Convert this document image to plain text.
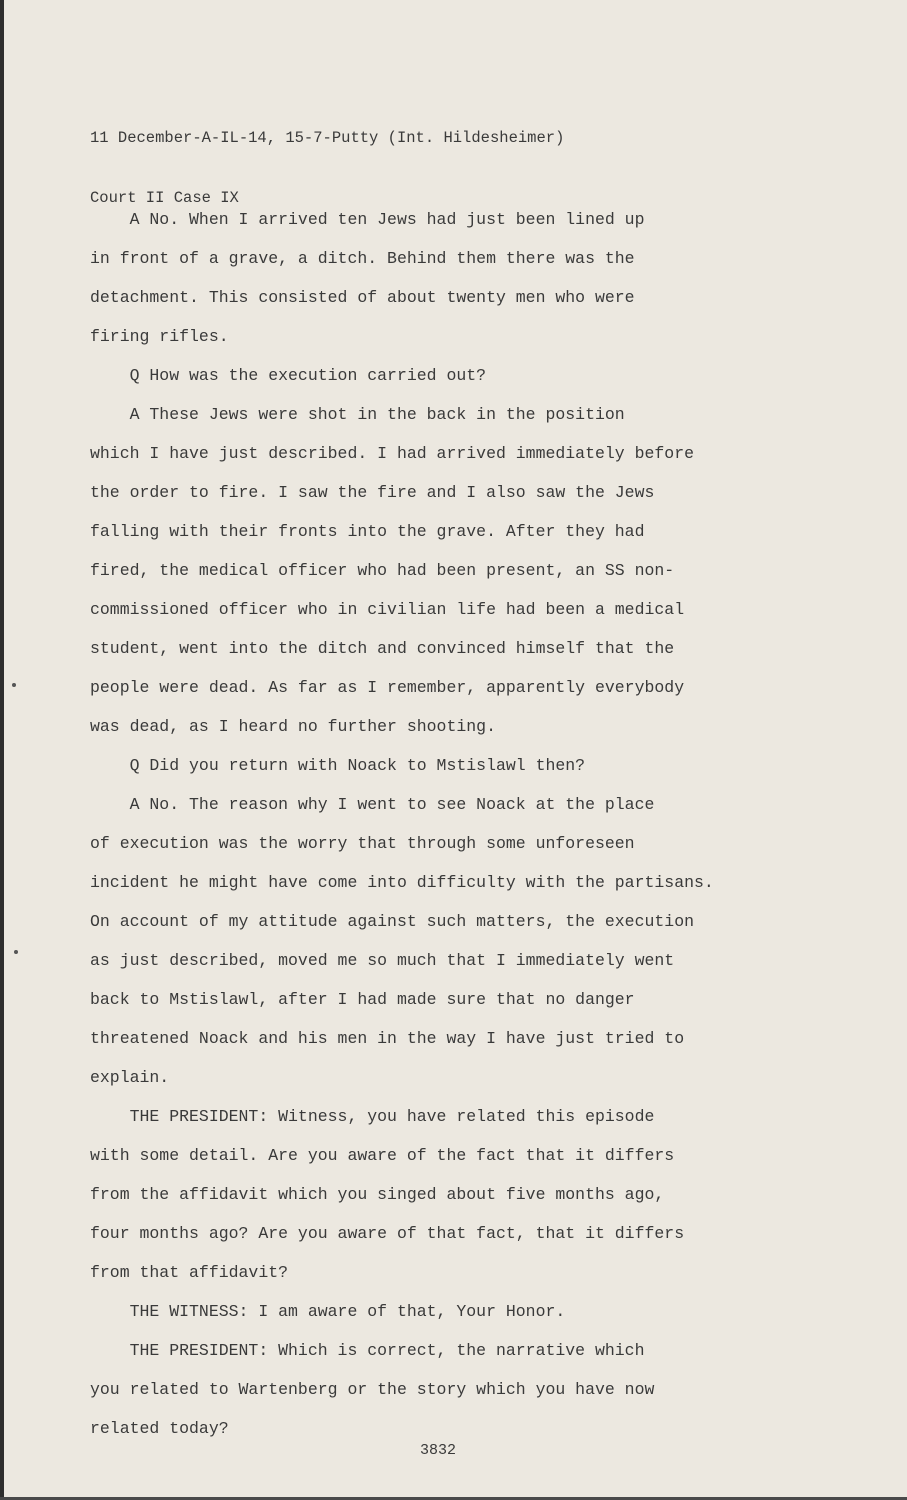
11 December-A-IL-14, 15-7-Putty (Int. Hildesheimer)

Court II Case IX

A No. When I arrived ten Jews had just been lined up
in front of a grave, a ditch. Behind them there was the
detachment. This consisted of about twenty men who were
firing rifles.
Q How was the execution carried out?
A These Jews were shot in the back in the position
which I have just described. I had arrived immediately before
the order to fire. I saw the fire and I also saw the Jews
falling with their fronts into the grave. After they had
fired, the medical officer who had been present, an SS non-
commissioned officer who in civilian life had been a medical
student, went into the ditch and convinced himself that the
people were dead. As far as I remember, apparently everybody
was dead, as I heard no further shooting.
Q Did you return with Noack to Mstislawl then?
A No. The reason why I went to see Noack at the place
of execution was the worry that through some unforeseen
incident he might have come into difficulty with the partisans.
On account of my attitude against such matters, the execution
as just described, moved me so much that I immediately went
back to Mstislawl, after I had made sure that no danger
threatened Noack and his men in the way I have just tried to
explain.
THE PRESIDENT: Witness, you have related this episode
with some detail. Are you aware of the fact that it differs
from the affidavit which you singed about five months ago,
four months ago? Are you aware of that fact, that it differs
from that affidavit?
THE WITNESS: I am aware of that, Your Honor.
THE PRESIDENT: Which is correct, the narrative which
you related to Wartenberg or the story which you have now
related today?
3832
